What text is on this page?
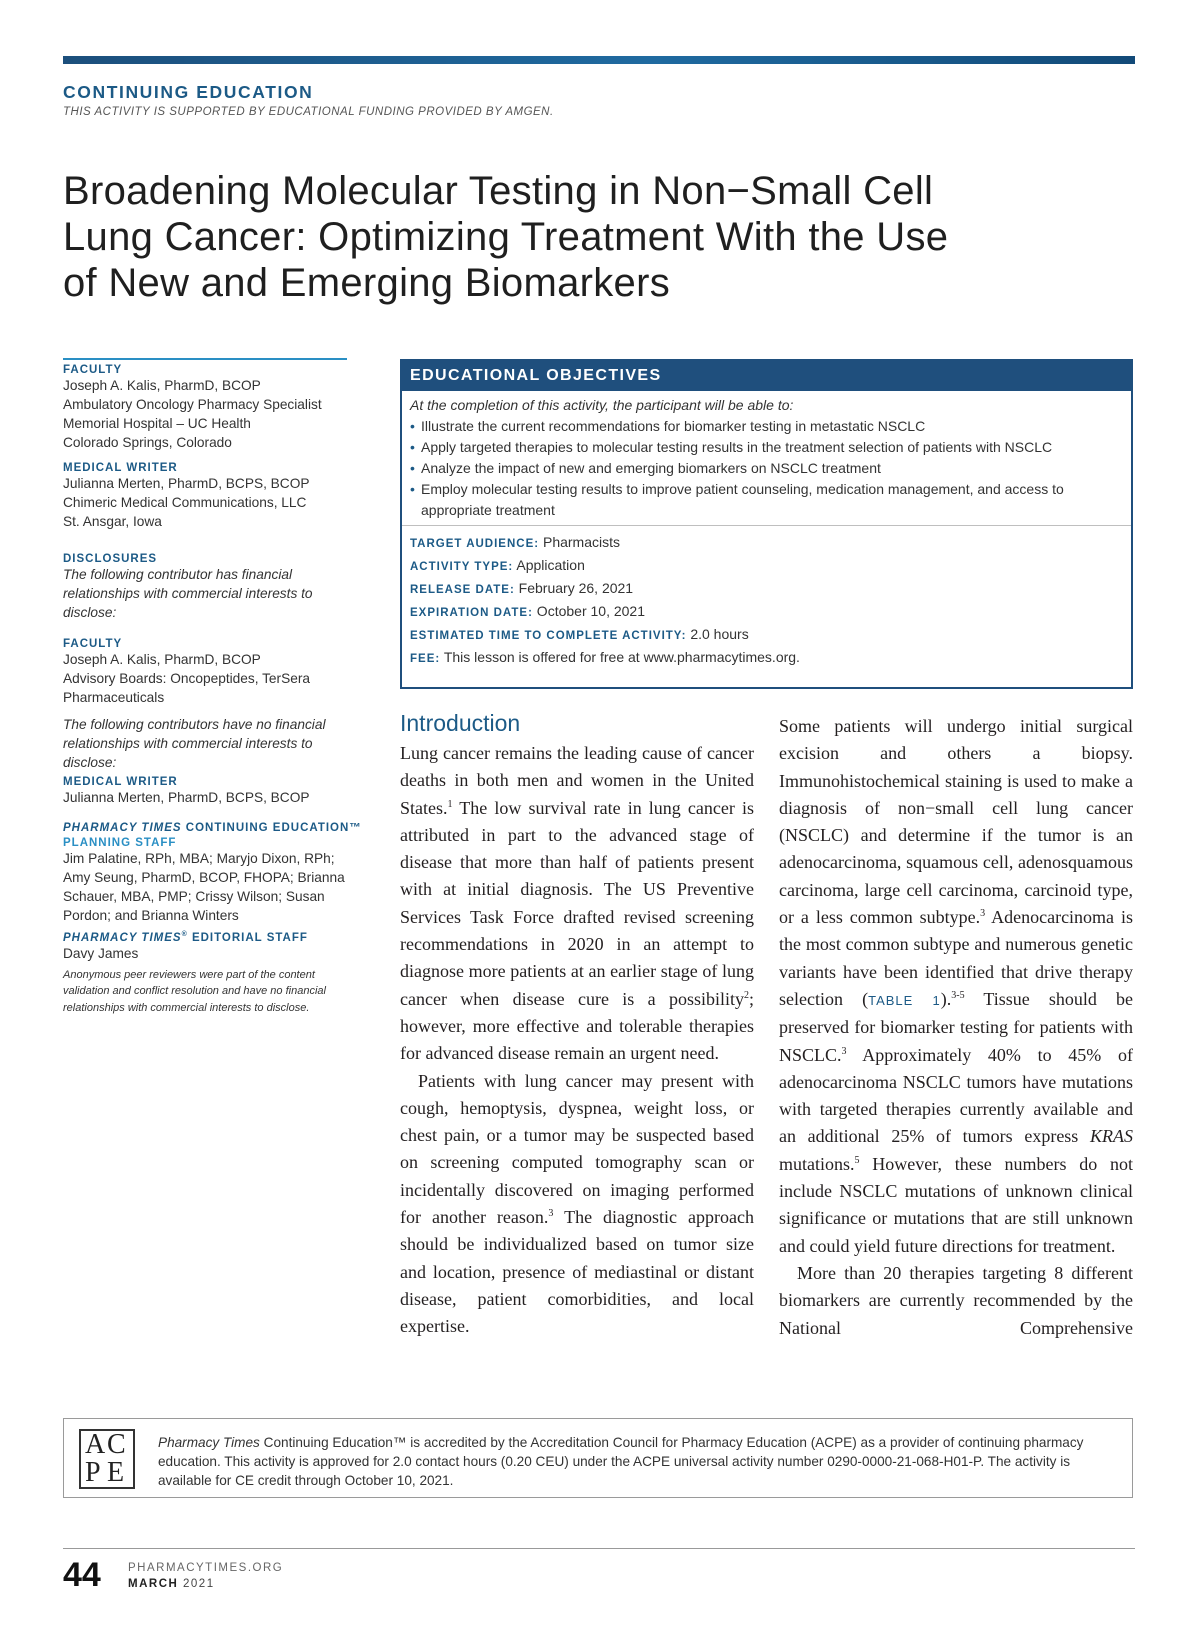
CONTINUING EDUCATION
THIS ACTIVITY IS SUPPORTED BY EDUCATIONAL FUNDING PROVIDED BY AMGEN.
Broadening Molecular Testing in Non−Small Cell
Lung Cancer: Optimizing Treatment With the Use
of New and Emerging Biomarkers
FACULTY
Joseph A. Kalis, PharmD, BCOP
Ambulatory Oncology Pharmacy Specialist
Memorial Hospital – UC Health
Colorado Springs, Colorado
MEDICAL WRITER
Julianna Merten, PharmD, BCPS, BCOP
Chimeric Medical Communications, LLC
St. Ansgar, Iowa
DISCLOSURES
The following contributor has financial relationships with commercial interests to disclose:
FACULTY
Joseph A. Kalis, PharmD, BCOP
Advisory Boards: Oncopeptides, TerSera
Pharmaceuticals
The following contributors have no financial relationships with commercial interests to disclose:
MEDICAL WRITER
Julianna Merten, PharmD, BCPS, BCOP
PHARMACY TIMES CONTINUING EDUCATION™
PLANNING STAFF
Jim Palatine, RPh, MBA; Maryjo Dixon, RPh; Amy Seung, PharmD, BCOP, FHOPA; Brianna Schauer, MBA, PMP; Crissy Wilson; Susan Pordon; and Brianna Winters
PHARMACY TIMES® EDITORIAL STAFF
Davy James
Anonymous peer reviewers were part of the content validation and conflict resolution and have no financial relationships with commercial interests to disclose.
EDUCATIONAL OBJECTIVES
At the completion of this activity, the participant will be able to:
• Illustrate the current recommendations for biomarker testing in metastatic NSCLC
• Apply targeted therapies to molecular testing results in the treatment selection of patients with NSCLC
• Analyze the impact of new and emerging biomarkers on NSCLC treatment
• Employ molecular testing results to improve patient counseling, medication management, and access to appropriate treatment
TARGET AUDIENCE: Pharmacists
ACTIVITY TYPE: Application
RELEASE DATE: February 26, 2021
EXPIRATION DATE: October 10, 2021
ESTIMATED TIME TO COMPLETE ACTIVITY: 2.0 hours
FEE: This lesson is offered for free at www.pharmacytimes.org.
Introduction

Lung cancer remains the leading cause of cancer deaths in both men and women in the United States.$^1$ The low survival rate in lung cancer is attributed in part to the advanced stage of disease that more than half of patients present with at initial diagnosis. The US Preventive Services Task Force drafted revised screening recommendations in 2020 in an attempt to diagnose more patients at an earlier stage of lung cancer when disease cure is a possibility$^2$; however, more effective and tolerable therapies for advanced disease remain an urgent need.

Patients with lung cancer may present with cough, hemoptysis, dyspnea, weight loss, or chest pain, or a tumor may be suspected based on screening computed tomography scan or incidentally discovered on imaging performed for another reason.$^3$ The diagnostic approach should be individualized based on tumor size and location, presence of mediastinal or distant disease, patient comorbidities, and local expertise.

Some patients will undergo initial surgical excision and others a biopsy. Immunohistochemical staining is used to make a diagnosis of non−small cell lung cancer (NSCLC) and determine if the tumor is an adenocarcinoma, squamous cell, adenosquamous carcinoma, large cell carcinoma, carcinoid type, or a less common subtype.$^3$ Adenocarcinoma is the most common subtype and numerous genetic variants have been identified that drive therapy selection (TABLE 1).$^{3-5}$ Tissue should be preserved for biomarker testing for patients with NSCLC.$^3$ Approximately 40% to 45% of adenocarcinoma NSCLC tumors have mutations with targeted therapies currently available and an additional 25% of tumors express KRAS mutations.$^5$ However, these numbers do not include NSCLC mutations of unknown clinical significance or mutations that are still unknown and could yield future directions for treatment.

More than 20 therapies targeting 8 different biomarkers are currently recommended by the National Comprehensive

A C
P E
Pharmacy Times Continuing Education™ is accredited by the Accreditation Council for Pharmacy Education (ACPE) as a provider of continuing pharmacy education. This activity is approved for 2.0 contact hours (0.20 CEU) under the ACPE universal activity number 0290-0000-21-068-H01-P. The activity is available for CE credit through October 10, 2021.
44 PHARMACYTIMES.ORG
MARCH 2021
